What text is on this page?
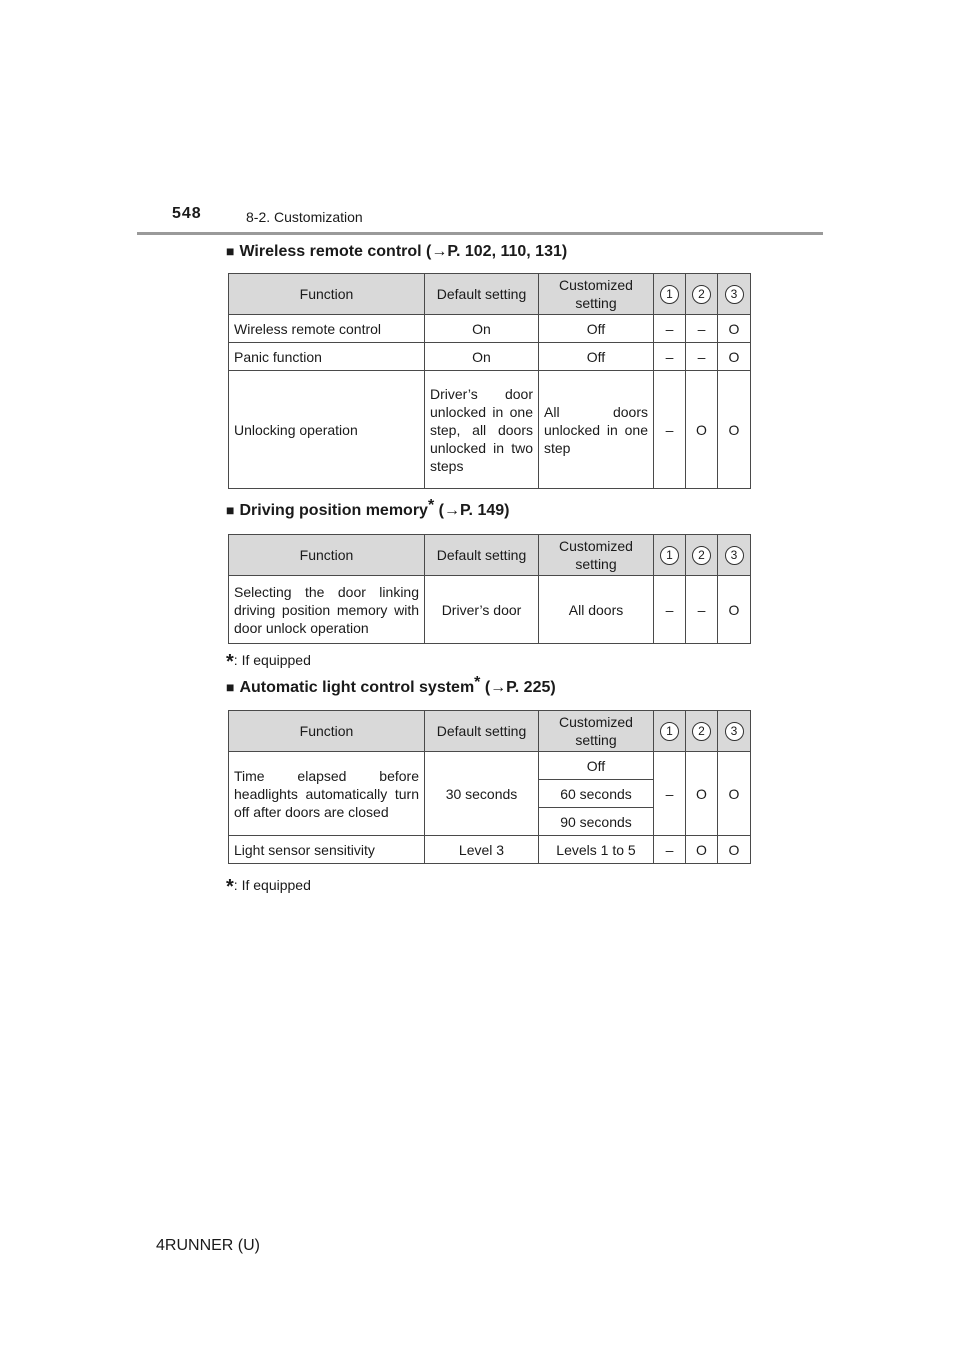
548	8-2. Customization
■ Wireless remote control (→P. 102, 110, 131)
Function	Default setting	Customized setting	1	2	3
Wireless remote control	On	Off	–	–	O
Panic function	On	Off	–	–	O
Unlocking operation	Driver’s door unlocked in one step, all doors unlocked in two steps	All doors unlocked in one step	–	O	O
■ Driving position memory* (→P. 149)
Function	Default setting	Customized setting	1	2	3
Selecting the door linking driving position memory with door unlock operation	Driver’s door	All doors	–	–	O
*: If equipped
■ Automatic light control system* (→P. 225)
Function	Default setting	Customized setting	1	2	3
Time elapsed before headlights automatically turn off after doors are closed	30 seconds	Off	–	O	O
		60 seconds			
		90 seconds			
Light sensor sensitivity	Level 3	Levels 1 to 5	–	O	O
*: If equipped
4RUNNER (U)
